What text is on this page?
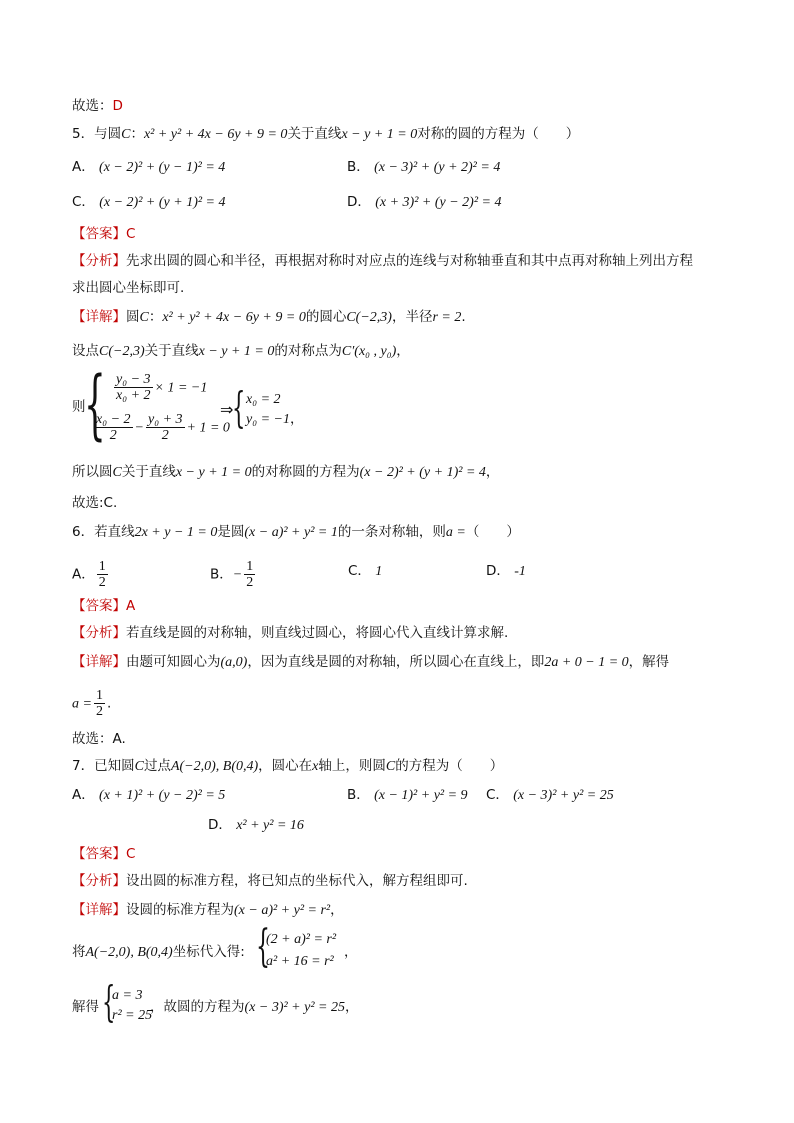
故选：D
5．与圆C：x² + y² + 4x − 6y + 9 = 0关于直线x − y + 1 = 0对称的圆的方程为（　　）
A． (x − 2)² + (y − 1)² = 4	B． (x − 3)² + (y + 2)² = 4
C． (x − 2)² + (y + 1)² = 4	D． (x + 3)² + (y − 2)² = 4
【答案】C
【分析】先求出圆的圆心和半径，再根据对称时对应点的连线与对称轴垂直和其中点再对称轴上列出方程
求出圆心坐标即可.
【详解】圆C：x² + y² + 4x − 6y + 9 = 0的圆心C(−2,3)，半径r = 2.
设点C(−2,3)关于直线x − y + 1 = 0的对称点为C′(x₀ , y₀)，
则
{ $\frac{\text{y₀ − 3}}{\text{x₀ + 2}} \times 1 = -1$
$\frac{\text{x₀ − 2}}{2} - \frac{\text{y₀ + 3}}{2} + 1 = 0$
⇒
{ x₀ = 2
y₀ = −1，
所以圆C关于直线x − y + 1 = 0的对称圆的方程为(x − 2)² + (y + 1)² = 4，
故选:C.
6．若直线2x + y − 1 = 0是圆(x − a)² + y² = 1的一条对称轴，则a =（　　）
A． $\frac{1}{2}$	B．− $\frac{1}{2}$	C． 1	D． -1
【答案】A
【分析】若直线是圆的对称轴，则直线过圆心，将圆心代入直线计算求解.
【详解】由题可知圆心为(a,0)，因为直线是圆的对称轴，所以圆心在直线上，即2a + 0 − 1 = 0，解得
$a = \frac{1}{2}$ .
故选：A.
7．已知圆C过点A(−2,0), B(0,4)，圆心在x轴上，则圆C的方程为（　　）
A． (x + 1)² + (y − 2)² = 5	B． (x − 1)² + y² = 9 C． (x − 3)² + y² = 25
D． x² + y² = 16
【答案】C
【分析】设出圆的标准方程，将已知点的坐标代入，解方程组即可.
【详解】设圆的标准方程为(x − a)² + y² = r²，
将A(−2,0), B(0,4)坐标代入得: {
(2 + a)² = r²
a² + 16 = r²
，
解得 {
a = 3
r² = 25
，故圆的方程为(x − 3)² + y² = 25，
